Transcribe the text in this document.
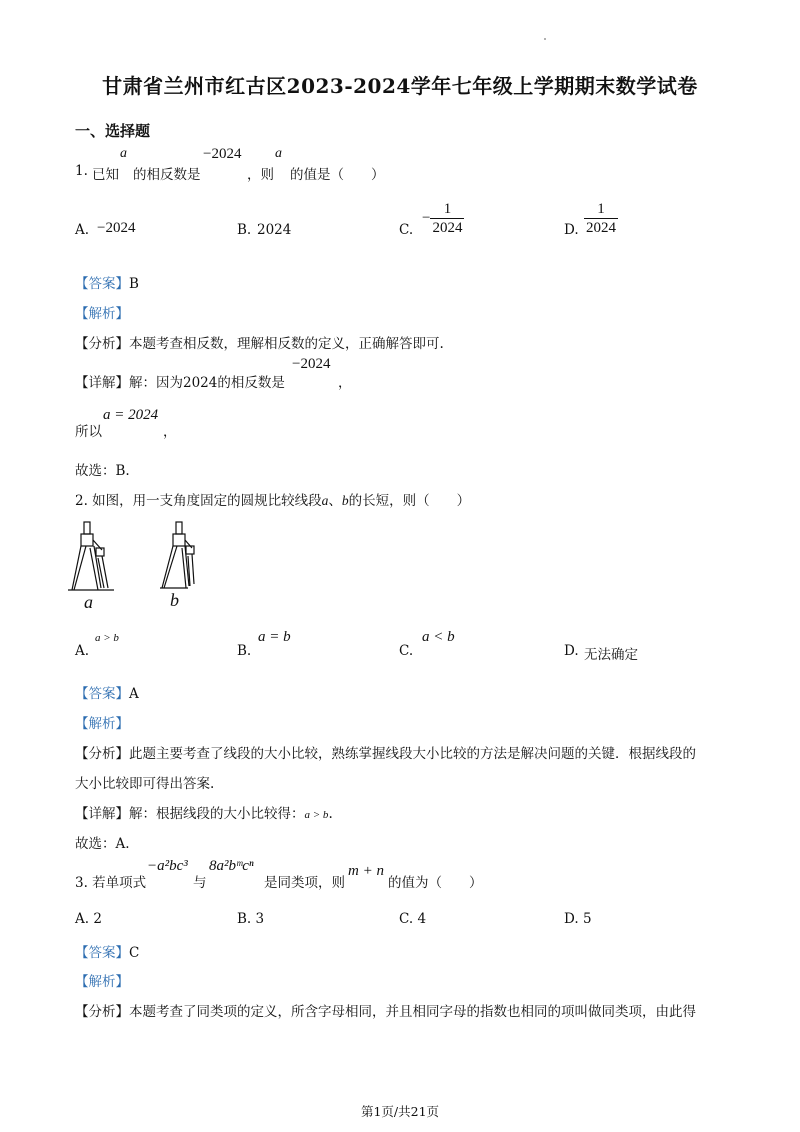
甘肃省兰州市红古区2023-2024学年七年级上学期期末数学试卷
一、选择题
1. 已知
a
的相反数是
−2024
，则
a
的值是（　　）
A. −2024	B. 2024	C.
− $\frac{1}{2024}$	D. $\frac{1}{2024}$
【答案】B
【解析】
【分析】本题考查相反数，理解相反数的定义，正确解答即可.
【详解】解：因为2024的相反数是
−2024
，
所以
a = 2024
，
故选：B.
2. 如图，用一支角度固定的圆规比较线段a、b的长短，则（　　）
a	b
A.
a > b
B.
a = b
C.
a < b
D. 无法确定
【答案】A
【解析】
【分析】此题主要考查了线段的大小比较，熟练掌握线段大小比较的方法是解决问题的关键．根据线段的
大小比较即可得出答案.
【详解】解：根据线段的大小比较得：a > b.
故选：A.
3. 若单项式
−a²bc³
与
8a²bᵐcⁿ
是同类项，则
m + n
的值为（　　）
A. 2	B. 3	C. 4	D. 5
【答案】C
【解析】
【分析】本题考查了同类项的定义，所含字母相同，并且相同字母的指数也相同的项叫做同类项，由此得
第1页/共21页
